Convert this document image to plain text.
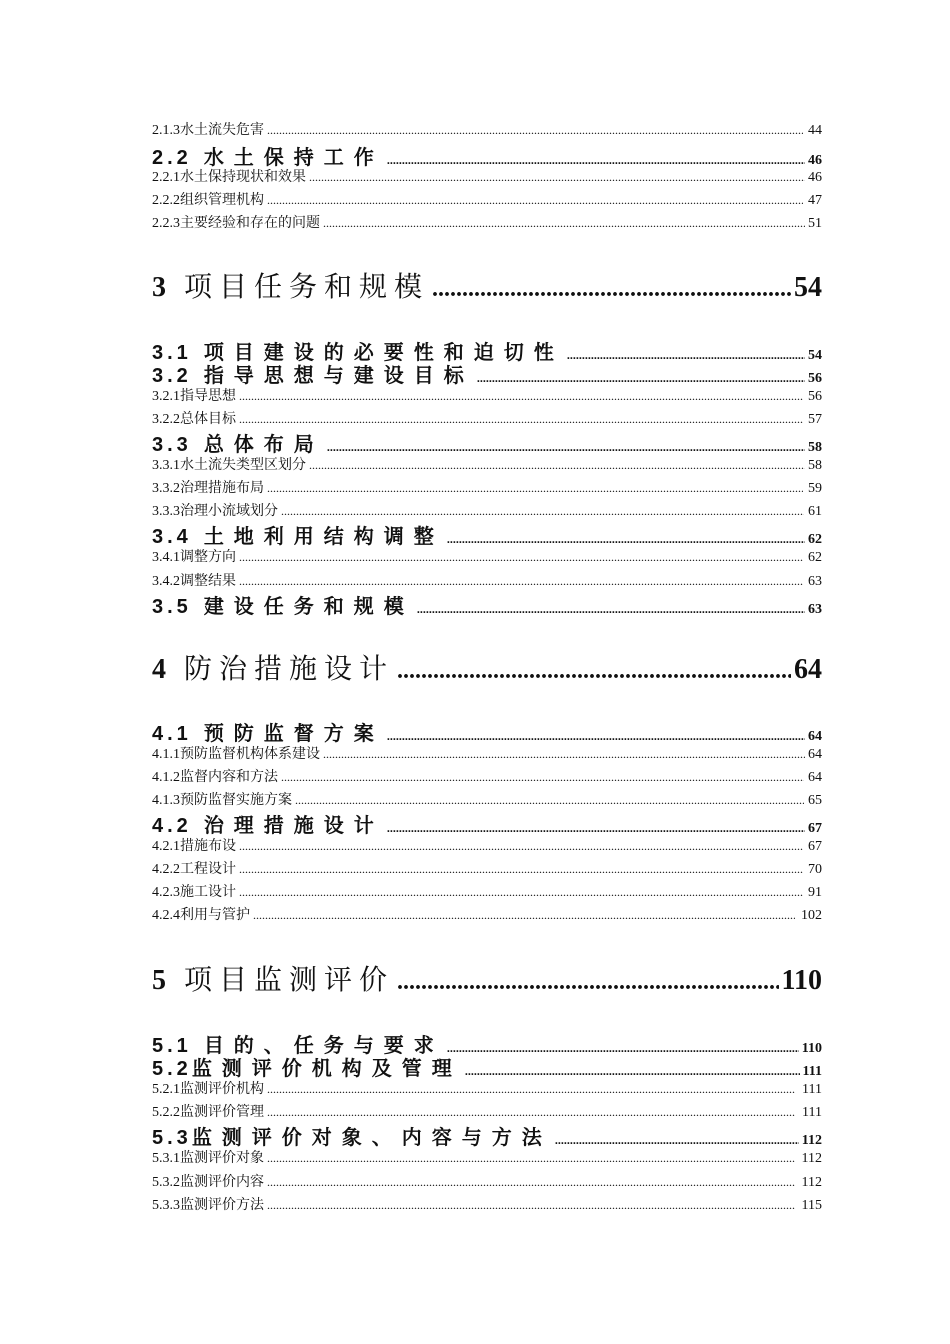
2.1.3 水土流失危害 .....	44
2.2 水土保持工作 .....	46
2.2.1 水土保持现状和效果 .....	46
2.2.2 组织管理机构 .....	47
2.2.3 主要经验和存在的问题 .....	51
3 项目任务和规模 .....	54
3.1 项目建设的必要性和迫切性 .....	54
3.2 指导思想与建设目标 .....	56
3.2.1 指导思想 .....	56
3.2.2 总体目标 .....	57
3.3 总体布局 .....	58
3.3.1 水土流失类型区划分 .....	58
3.3.2 治理措施布局 .....	59
3.3.3 治理小流域划分 .....	61
3.4 土地利用结构调整 .....	62
3.4.1 调整方向 .....	62
3.4.2 调整结果 .....	63
3.5 建设任务和规模 .....	63
4 防治措施设计 .....	64
4.1 预防监督方案 .....	64
4.1.1 预防监督机构体系建设 .....	64
4.1.2 监督内容和方法 .....	64
4.1.3 预防监督实施方案 .....	65
4.2 治理措施设计 .....	67
4.2.1 措施布设 .....	67
4.2.2 工程设计 .....	70
4.2.3 施工设计 .....	91
4.2.4 利用与管护 .....	102
5 项目监测评价 .....	110
5.1 目的、任务与要求 .....	110
5.2 监测评价机构及管理 .....	111
5.2.1 监测评价机构 .....	111
5.2.2 监测评价管理 .....	111
5.3 监测评价对象、内容与方法 .....	112
5.3.1 监测评价对象 .....	112
5.3.2 监测评价内容 .....	112
5.3.3 监测评价方法 .....	115
